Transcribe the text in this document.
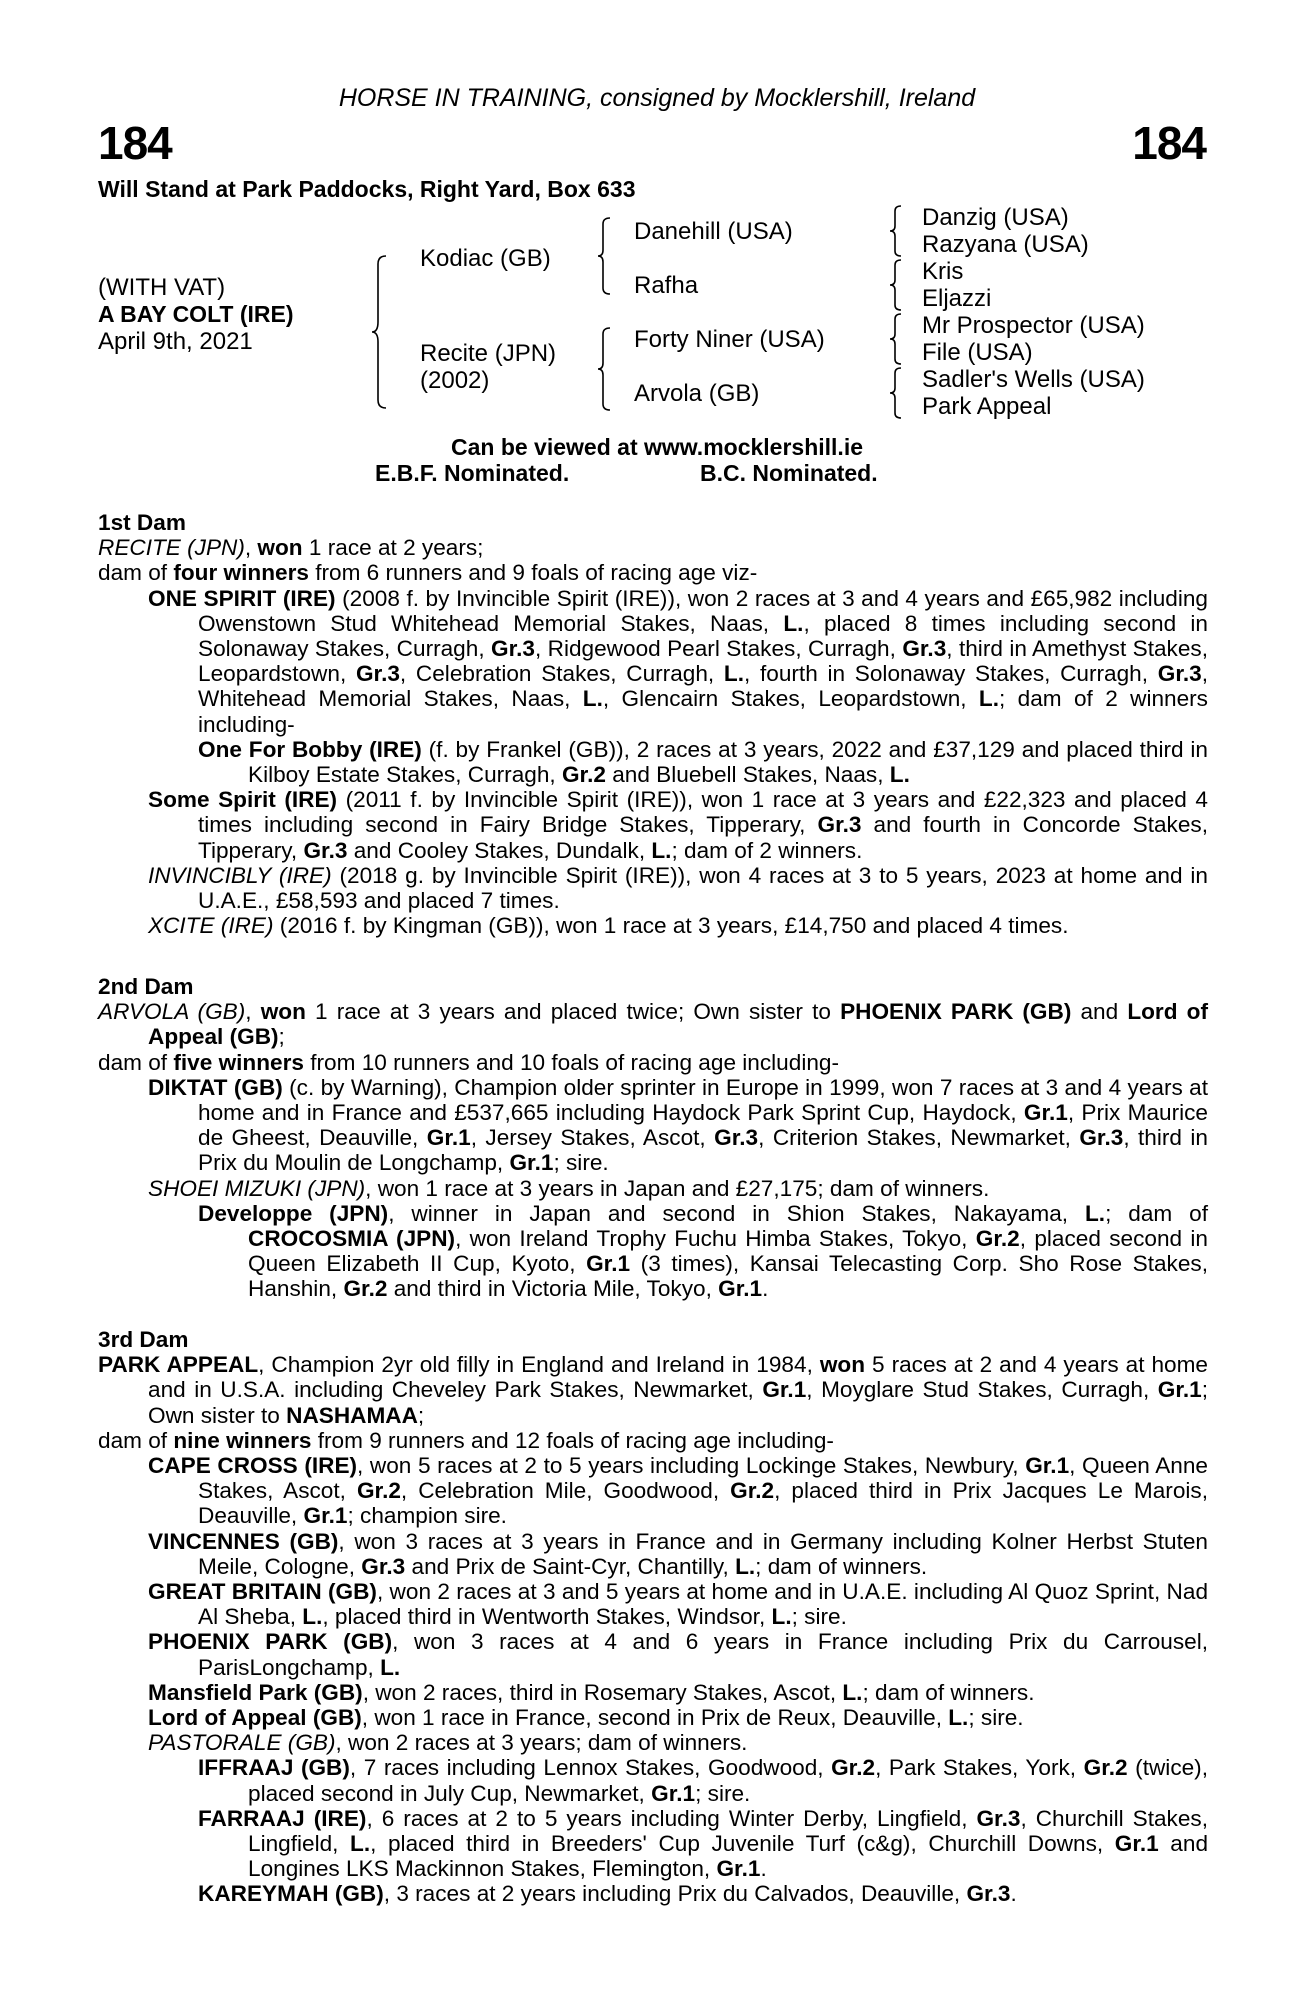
HORSE IN TRAINING, consigned by Mocklershill, Ireland
184	184
Will Stand at Park Paddocks, Right Yard, Box 633
(WITH VAT)
A BAY COLT (IRE)
April 9th, 2021
Kodiac (GB)
Recite (JPN)
(2002)
Danehill (USA)
Rafha
Forty Niner (USA)
Arvola (GB)
Danzig (USA)
Razyana (USA)
Kris
Eljazzi
Mr Prospector (USA)
File (USA)
Sadler's Wells (USA)
Park Appeal
Can be viewed at www.mocklershill.ie
E.B.F. Nominated.	B.C. Nominated.

1st Dam

RECITE (JPN), won 1 race at 2 years;

dam of four winners from 6 runners and 9 foals of racing age viz-

ONE SPIRIT (IRE) (2008 f. by Invincible Spirit (IRE)), won 2 races at 3 and 4 years and £65,982 including Owenstown Stud Whitehead Memorial Stakes, Naas, L., placed 8 times including second in Solonaway Stakes, Curragh, Gr.3, Ridgewood Pearl Stakes, Curragh, Gr.3, third in Amethyst Stakes, Leopardstown, Gr.3, Celebration Stakes, Curragh, L., fourth in Solonaway Stakes, Curragh, Gr.3, Whitehead Memorial Stakes, Naas, L., Glencairn Stakes, Leopardstown, L.; dam of 2 winners including-

One For Bobby (IRE) (f. by Frankel (GB)), 2 races at 3 years, 2022 and £37,129 and placed third in Kilboy Estate Stakes, Curragh, Gr.2 and Bluebell Stakes, Naas, L.

Some Spirit (IRE) (2011 f. by Invincible Spirit (IRE)), won 1 race at 3 years and £22,323 and placed 4 times including second in Fairy Bridge Stakes, Tipperary, Gr.3 and fourth in Concorde Stakes, Tipperary, Gr.3 and Cooley Stakes, Dundalk, L.; dam of 2 winners.

INVINCIBLY (IRE) (2018 g. by Invincible Spirit (IRE)), won 4 races at 3 to 5 years, 2023 at home and in U.A.E., £58,593 and placed 7 times.

XCITE (IRE) (2016 f. by Kingman (GB)), won 1 race at 3 years, £14,750 and placed 4 times.

2nd Dam

ARVOLA (GB), won 1 race at 3 years and placed twice; Own sister to PHOENIX PARK (GB) and Lord of Appeal (GB);

dam of five winners from 10 runners and 10 foals of racing age including-

DIKTAT (GB) (c. by Warning), Champion older sprinter in Europe in 1999, won 7 races at 3 and 4 years at home and in France and £537,665 including Haydock Park Sprint Cup, Haydock, Gr.1, Prix Maurice de Gheest, Deauville, Gr.1, Jersey Stakes, Ascot, Gr.3, Criterion Stakes, Newmarket, Gr.3, third in Prix du Moulin de Longchamp, Gr.1; sire.

SHOEI MIZUKI (JPN), won 1 race at 3 years in Japan and £27,175; dam of winners.

Developpe (JPN), winner in Japan and second in Shion Stakes, Nakayama, L.; dam of CROCOSMIA (JPN), won Ireland Trophy Fuchu Himba Stakes, Tokyo, Gr.2, placed second in Queen Elizabeth II Cup, Kyoto, Gr.1 (3 times), Kansai Telecasting Corp. Sho Rose Stakes, Hanshin, Gr.2 and third in Victoria Mile, Tokyo, Gr.1.

3rd Dam

PARK APPEAL, Champion 2yr old filly in England and Ireland in 1984, won 5 races at 2 and 4 years at home and in U.S.A. including Cheveley Park Stakes, Newmarket, Gr.1, Moyglare Stud Stakes, Curragh, Gr.1; Own sister to NASHAMAA;

dam of nine winners from 9 runners and 12 foals of racing age including-

CAPE CROSS (IRE), won 5 races at 2 to 5 years including Lockinge Stakes, Newbury, Gr.1, Queen Anne Stakes, Ascot, Gr.2, Celebration Mile, Goodwood, Gr.2, placed third in Prix Jacques Le Marois, Deauville, Gr.1; champion sire.

VINCENNES (GB), won 3 races at 3 years in France and in Germany including Kolner Herbst Stuten Meile, Cologne, Gr.3 and Prix de Saint-Cyr, Chantilly, L.; dam of winners.

GREAT BRITAIN (GB), won 2 races at 3 and 5 years at home and in U.A.E. including Al Quoz Sprint, Nad Al Sheba, L., placed third in Wentworth Stakes, Windsor, L.; sire.

PHOENIX PARK (GB), won 3 races at 4 and 6 years in France including Prix du Carrousel, ParisLongchamp, L.

Mansfield Park (GB), won 2 races, third in Rosemary Stakes, Ascot, L.; dam of winners.

Lord of Appeal (GB), won 1 race in France, second in Prix de Reux, Deauville, L.; sire.

PASTORALE (GB), won 2 races at 3 years; dam of winners.

IFFRAAJ (GB), 7 races including Lennox Stakes, Goodwood, Gr.2, Park Stakes, York, Gr.2 (twice), placed second in July Cup, Newmarket, Gr.1; sire.

FARRAAJ (IRE), 6 races at 2 to 5 years including Winter Derby, Lingfield, Gr.3, Churchill Stakes, Lingfield, L., placed third in Breeders' Cup Juvenile Turf (c&g), Churchill Downs, Gr.1 and Longines LKS Mackinnon Stakes, Flemington, Gr.1.

KAREYMAH (GB), 3 races at 2 years including Prix du Calvados, Deauville, Gr.3.
